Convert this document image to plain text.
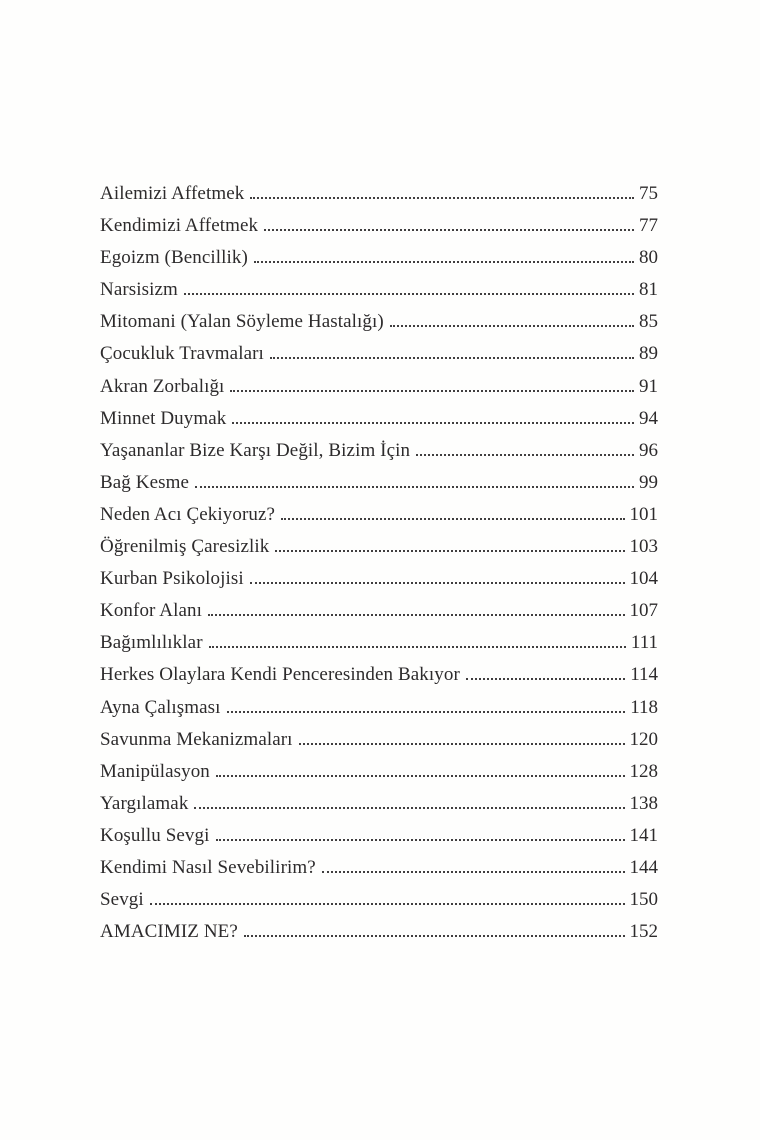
Ailemizi Affetmek	75
Kendimizi Affetmek	77
Egoizm (Bencillik)	80
Narsisizm	81
Mitomani (Yalan Söyleme Hastalığı)	85
Çocukluk Travmaları	89
Akran Zorbalığı	91
Minnet Duymak	94
Yaşananlar Bize Karşı Değil, Bizim İçin	96
Bağ Kesme	99
Neden Acı Çekiyoruz?	101
Öğrenilmiş Çaresizlik	103
Kurban Psikolojisi	104
Konfor Alanı	107
Bağımlılıklar	111
Herkes Olaylara Kendi Penceresinden Bakıyor	114
Ayna Çalışması	118
Savunma Mekanizmaları	120
Manipülasyon	128
Yargılamak	138
Koşullu Sevgi	141
Kendimi Nasıl Sevebilirim?	144
Sevgi	150
AMACIMIZ NE?	152
